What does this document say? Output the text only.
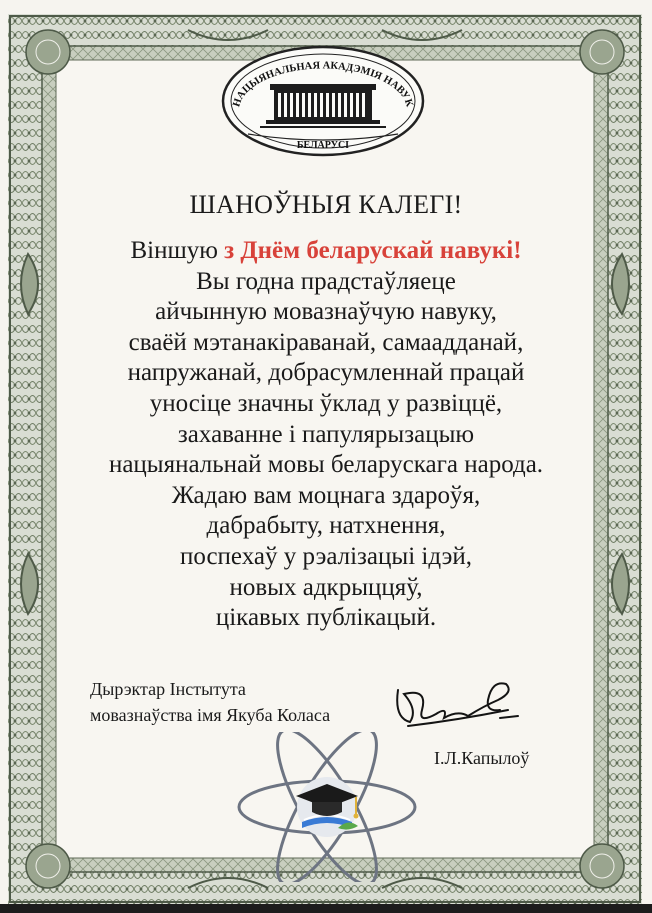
НАЦЫЯНАЛЬНАЯ АКАДЭМІЯ НАВУК
БЕЛАРУСІ
ШАНОЎНЫЯ КАЛЕГІ!
Віншую з Днём беларускай навукі!
Вы годна прадстаўляеце
айчынную мовазнаўчую навуку,
сваёй мэтанакіраванай, самаадданай,
напружанай, добрасумленнай працай
уносіце значны ўклад у развіццё,
захаванне і папулярызацыю
нацыянальнай мовы беларускага народа.
Жадаю вам моцнага здароўя,
дабрабыту, натхнення,
поспехаў у рэалізацыі ідэй,
новых адкрыццяў,
цікавых публікацый.
Дырэктар Інстытута
мовазнаўства імя Якуба Коласа
І.Л.Капылоў
